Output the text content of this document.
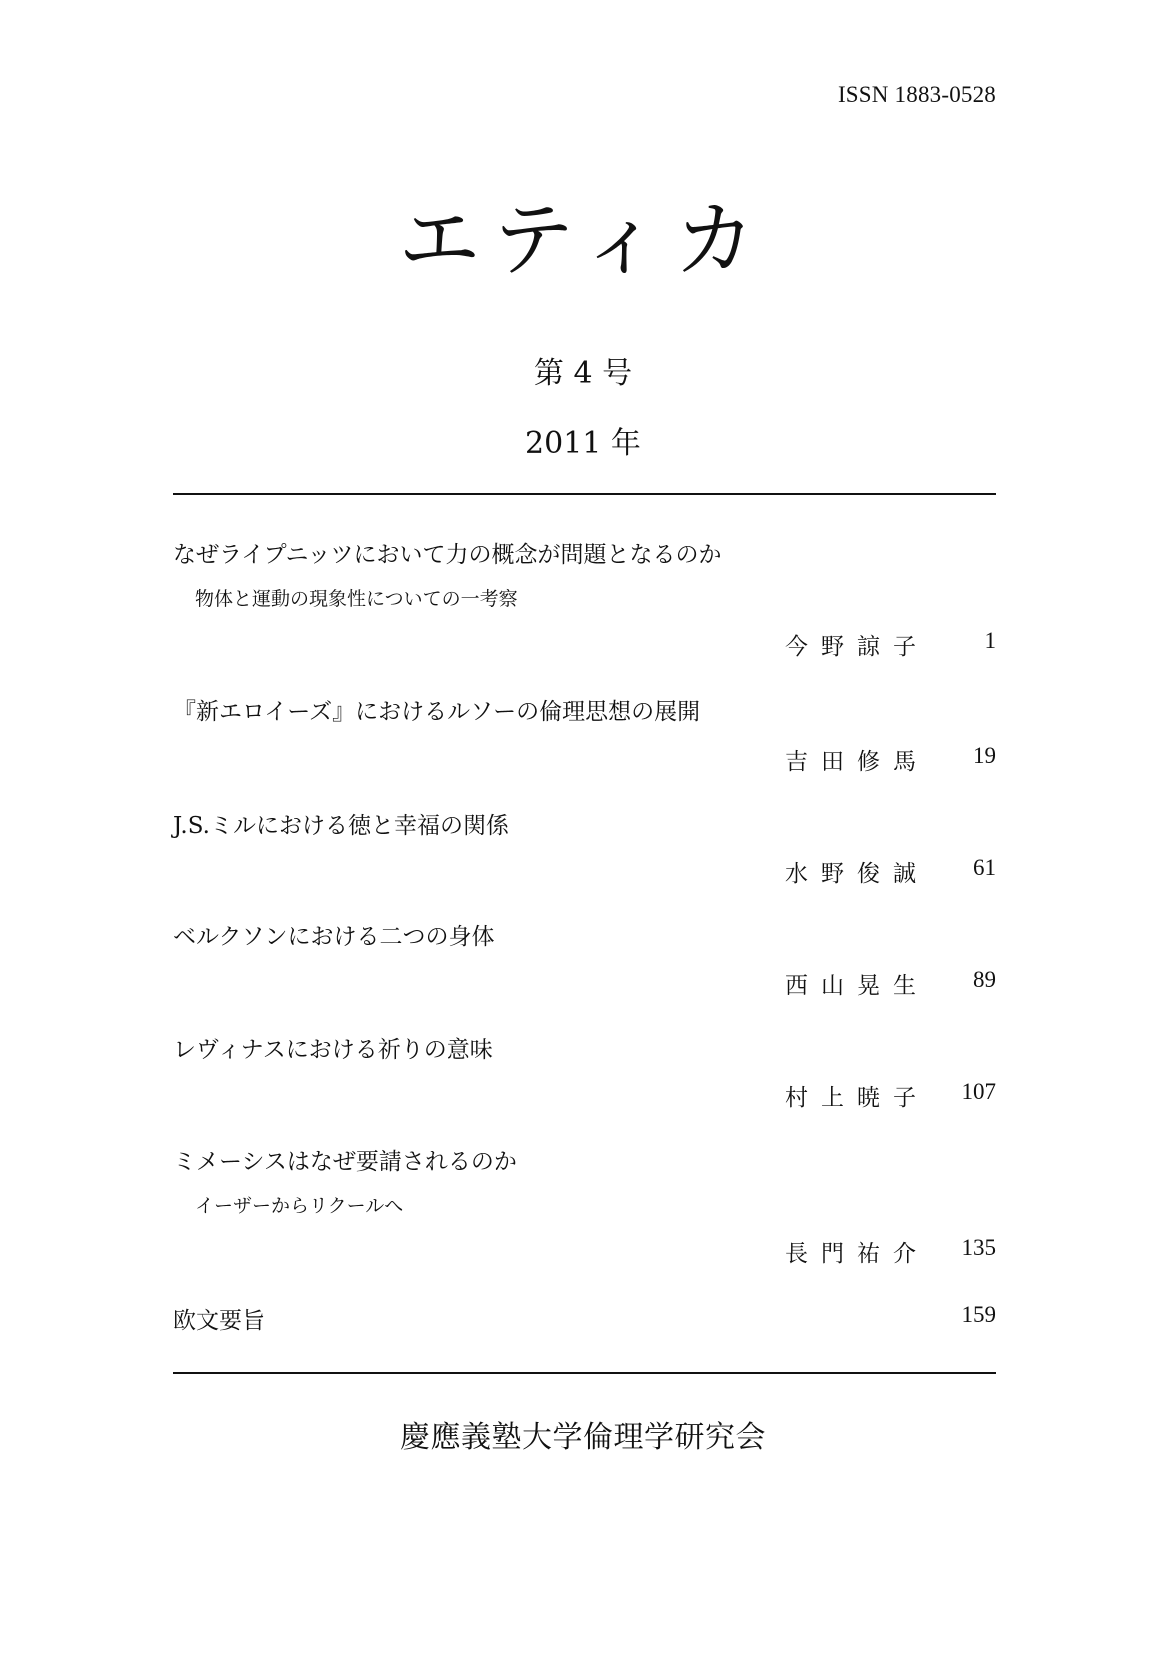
ISSN 1883-0528
エティカ
第 4 号
2011 年
なぜライプニッツにおいて力の概念が問題となるのか
物体と運動の現象性についての一考察
今野諒子 1
『新エロイーズ』におけるルソーの倫理思想の展開
吉田修馬 19
J.S.ミルにおける徳と幸福の関係
水野俊誠 61
ベルクソンにおける二つの身体
西山晃生 89
レヴィナスにおける祈りの意味
村上暁子 107
ミメーシスはなぜ要請されるのか
イーザーからリクールへ
長門祐介 135
欧文要旨	159
慶應義塾大学倫理学研究会
